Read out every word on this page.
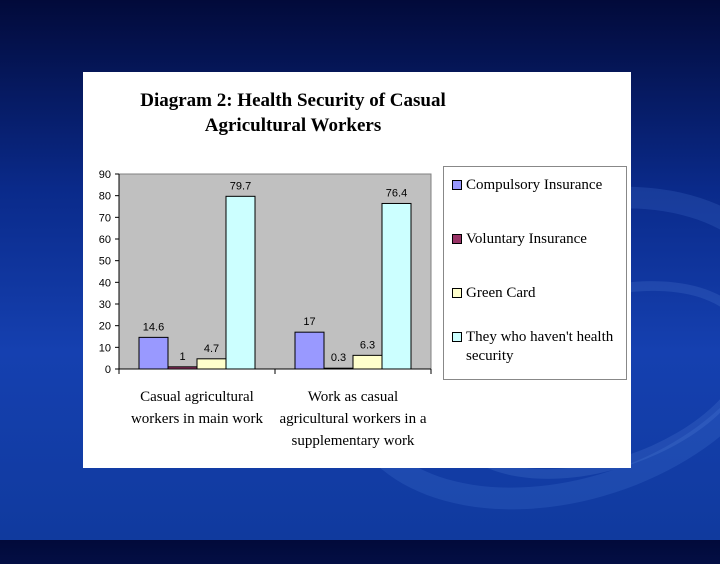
Diagram 2: Health Security of Casual Agricultural Workers
0
10
20
30
40
50
60
70
80
90
14.6
1
4.7
79.7
17
0.3
6.3
76.4
Casual agricultural workers in main work
Work as casual agricultural workers in a supplementary work
Compulsory Insurance
Voluntary Insurance
Green Card
They who haven't health security
